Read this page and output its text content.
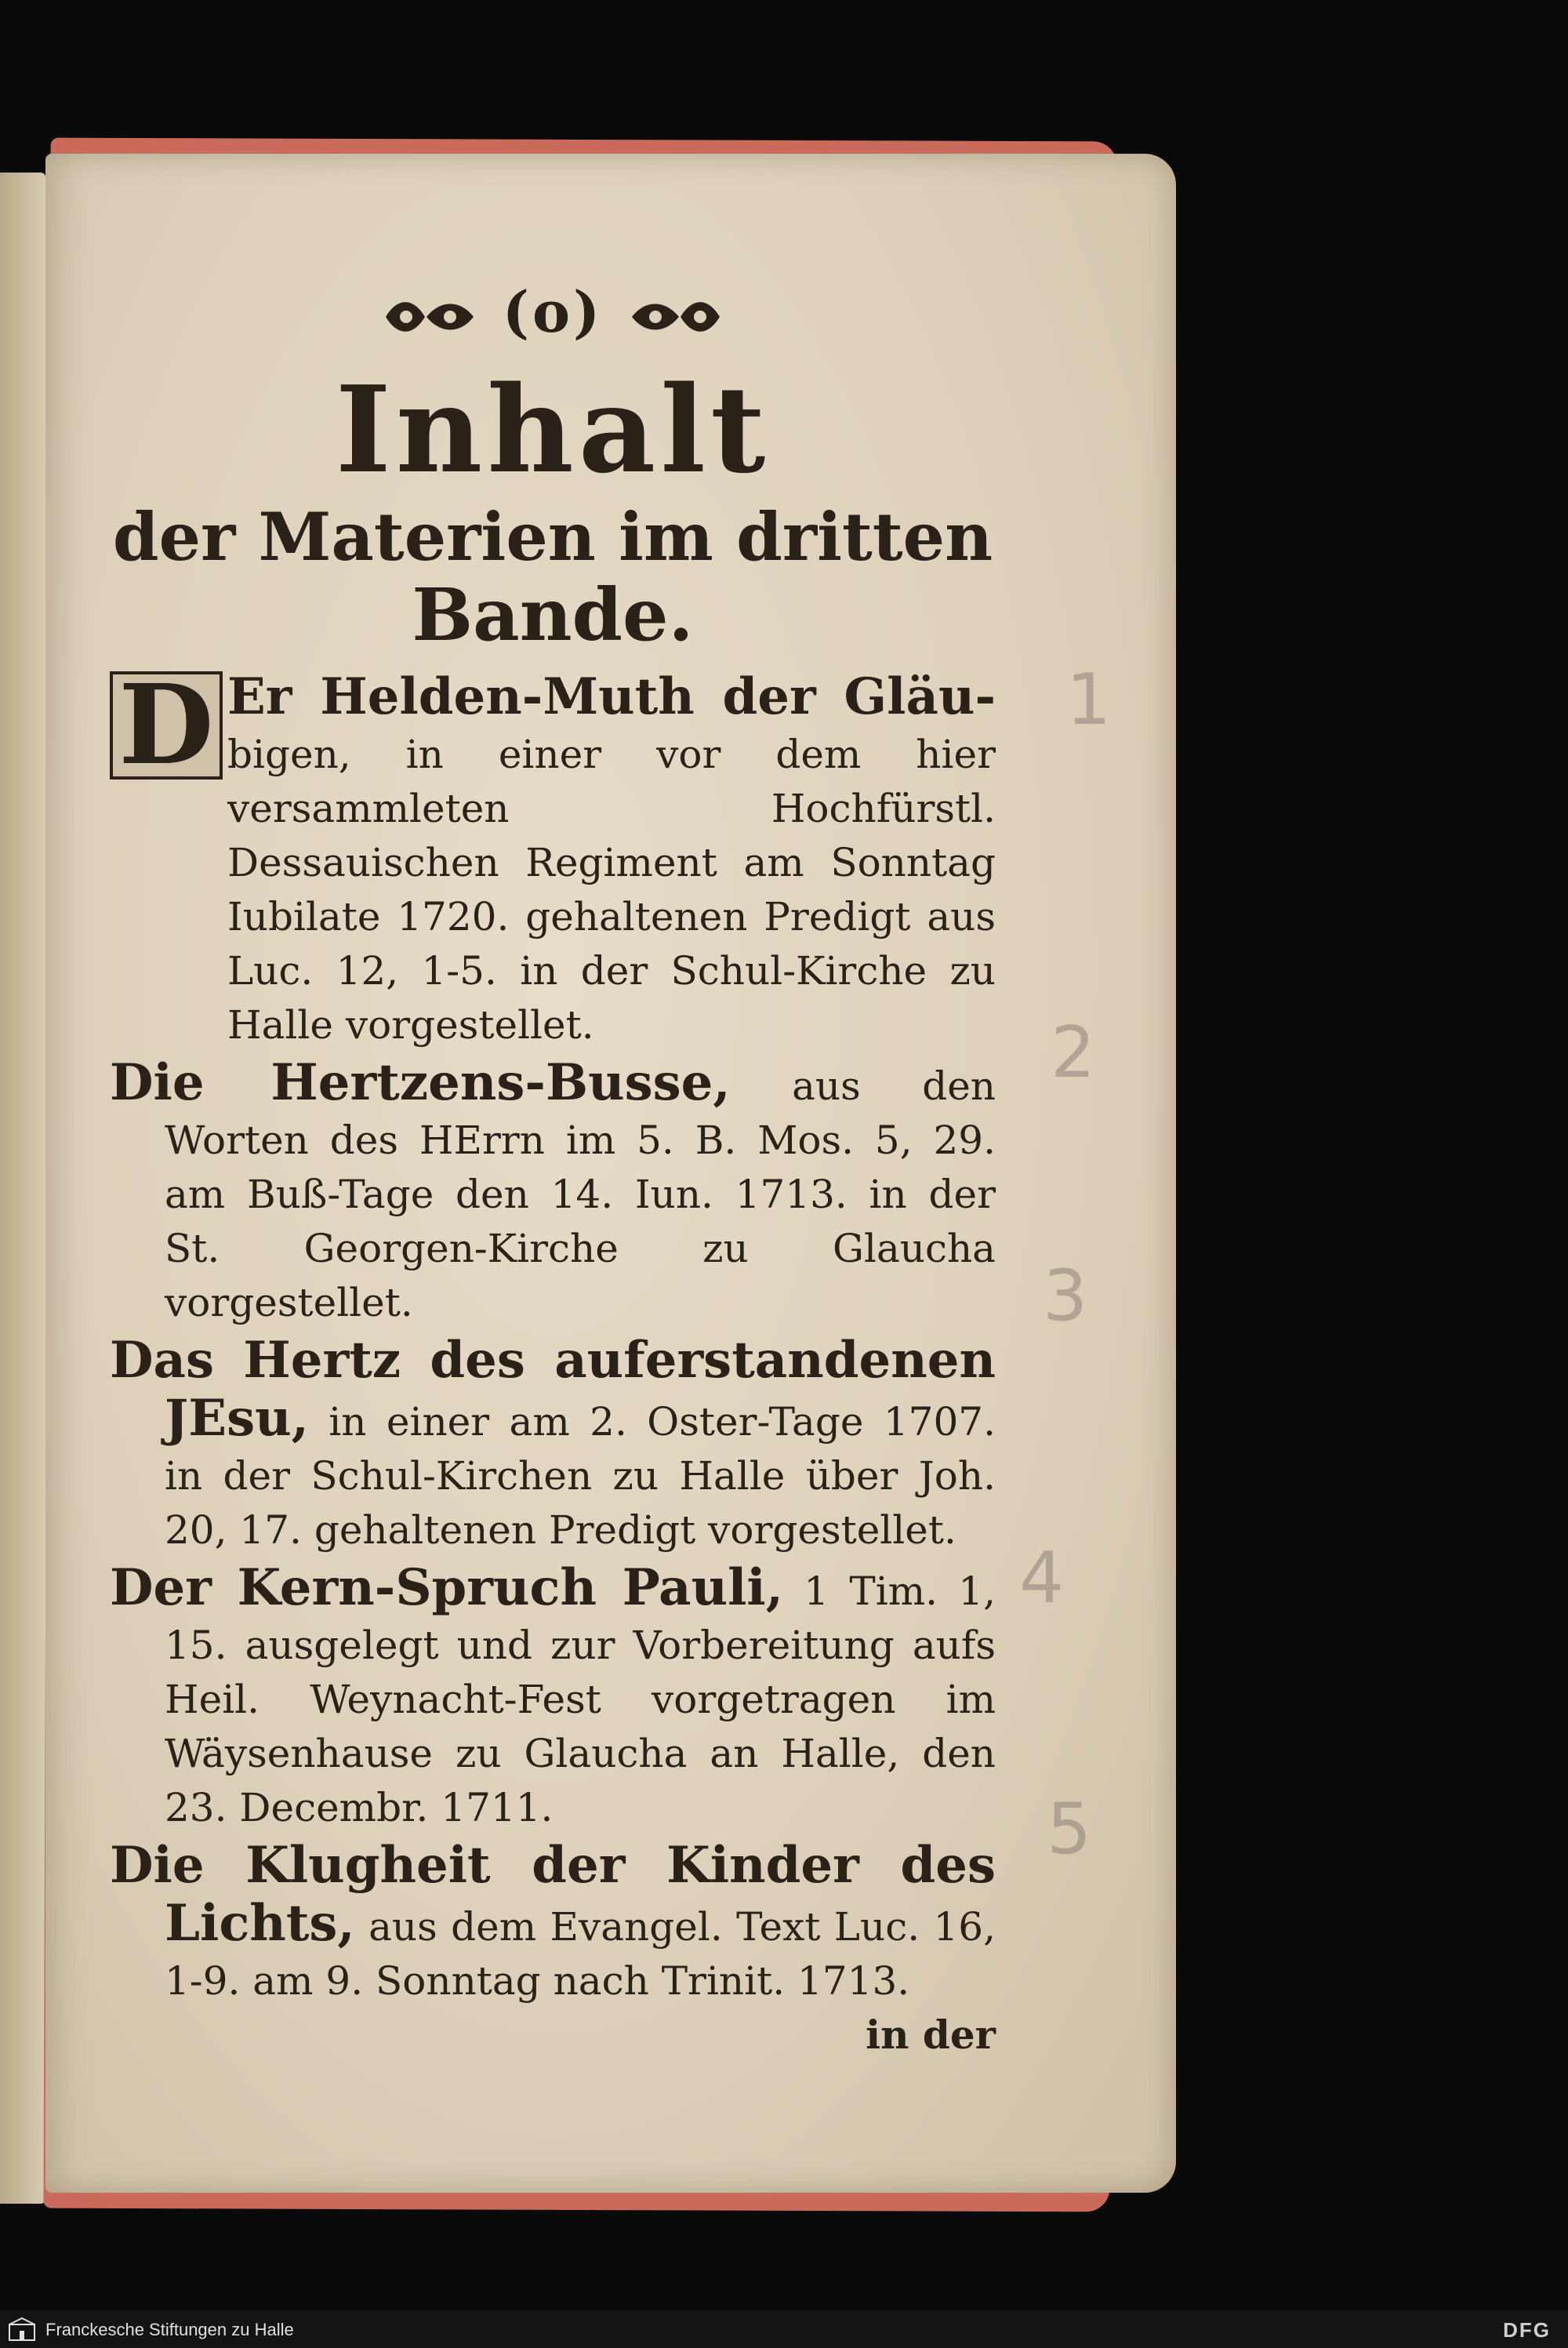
(o)

Inhalt

der Materien im dritten

Bande.

D Er Helden-Muth der Gläu- bigen, in einer vor dem hier versammleten Hochfürstl. Dessauischen Regiment am Sonntag Iubilate 1720. gehaltenen Predigt aus Luc. 12, 1-5. in der Schul-Kirche zu Halle vorgestellet.

Die Hertzens-Busse, aus den Worten des HErrn im 5. B. Mos. 5, 29. am Buß-Tage den 14. Iun. 1713. in der St. Georgen-Kirche zu Glaucha vorgestellet.

Das Hertz des auferstandenen JEsu, in einer am 2. Oster-Tage 1707. in der Schul-Kirchen zu Halle über Joh. 20, 17. gehaltenen Predigt vorgestellet.

Der Kern-Spruch Pauli, 1 Tim. 1, 15. ausgelegt und zur Vorbereitung aufs Heil. Weynacht-Fest vorgetragen im Wäysenhause zu Glaucha an Halle, den 23. Decembr. 1711.

Die Klugheit der Kinder des Lichts, aus dem Evangel. Text Luc. 16, 1-9. am 9. Sonntag nach Trinit. 1713.

in der

1
2
3
4
5
Franckesche Stiftungen zu Halle	DFG
